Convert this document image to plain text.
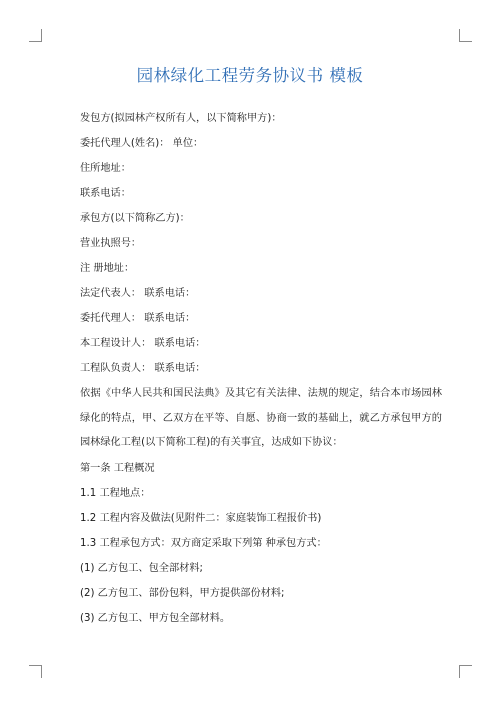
园林绿化工程劳务协议书 模板
发包方(拟园林产权所有人，以下简称甲方)：
委托代理人(姓名)： 单位：
住所地址：
联系电话：
承包方(以下简称乙方)：
营业执照号：
注 册地址：
法定代表人： 联系电话：
委托代理人： 联系电话：
本工程设计人： 联系电话：
工程队负责人： 联系电话：
依据《中华人民共和国民法典》及其它有关法律、法规的规定，结合本市场园林绿化的特点，甲、乙双方在平等、自愿、协商一致的基础上，就乙方承包甲方的 园林绿化工程(以下简称工程)的有关事宜，达成如下协议：
第一条 工程概况
1.1 工程地点：
1.2 工程内容及做法(见附件二：家庭装饰工程报价书)
1.3 工程承包方式：双方商定采取下列第 种承包方式：
(1) 乙方包工、包全部材料;
(2) 乙方包工、部份包料，甲方提供部份材料;
(3) 乙方包工、甲方包全部材料。
